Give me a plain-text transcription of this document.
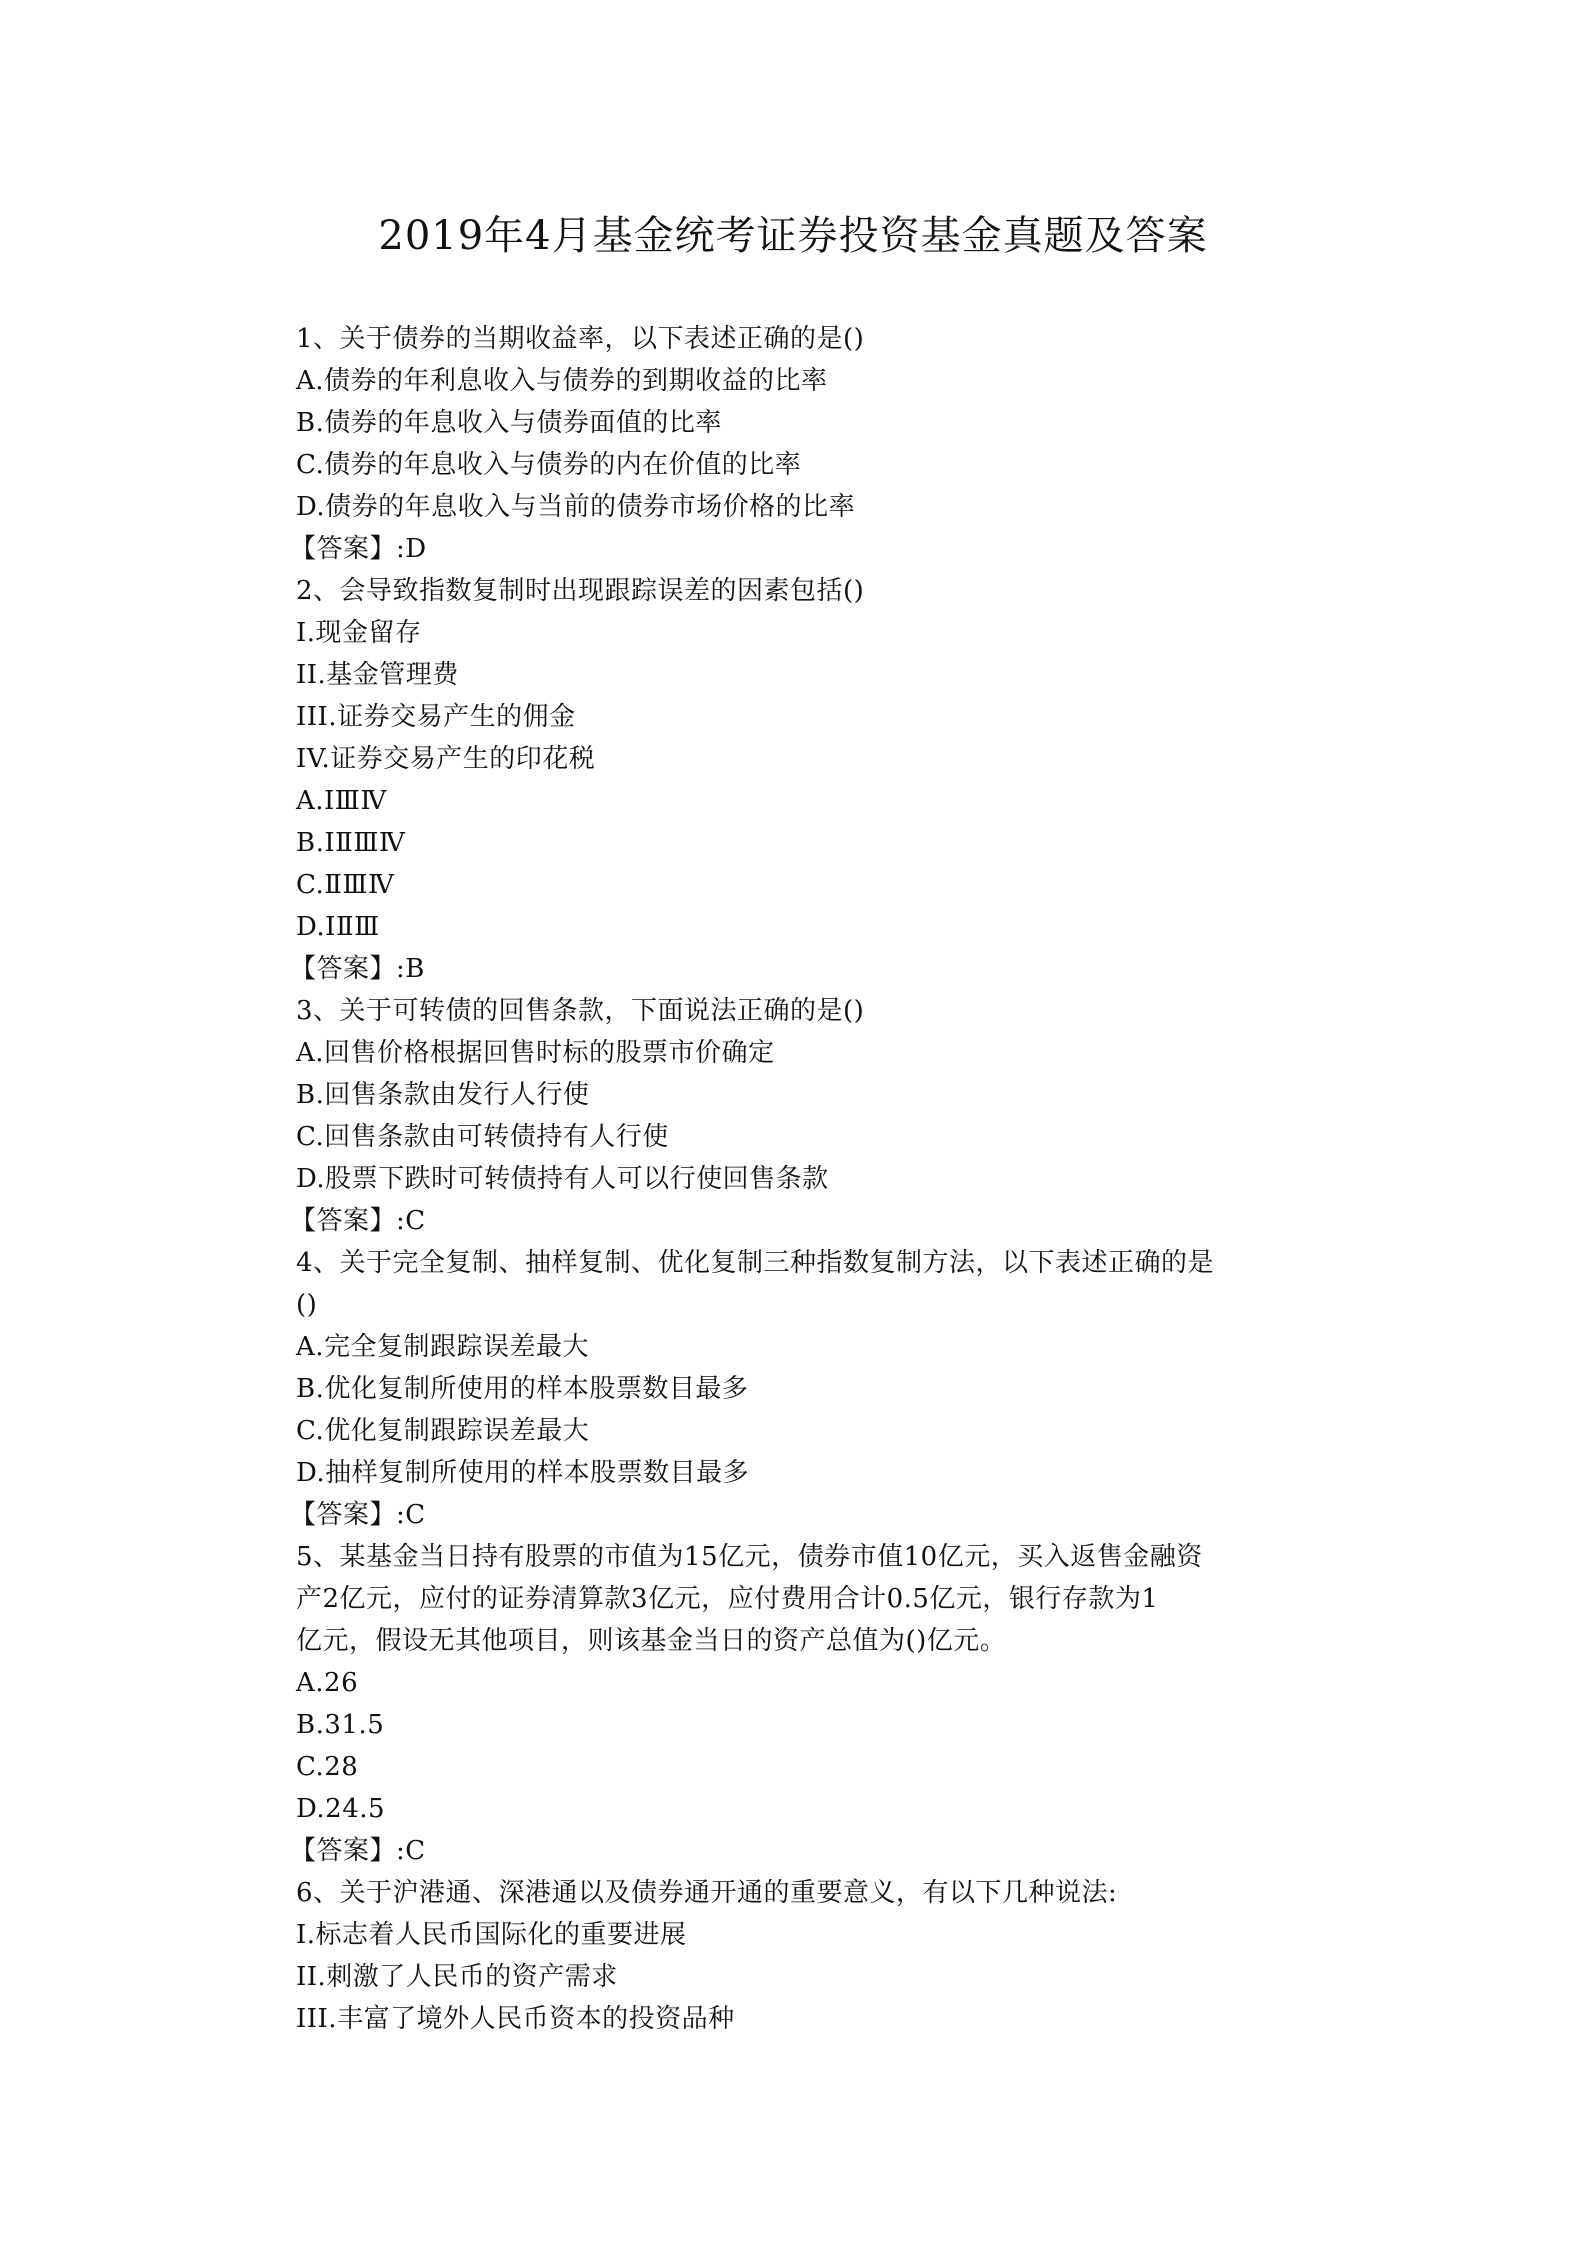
2019年4月基金统考证券投资基金真题及答案
1、关于债券的当期收益率，以下表述正确的是()
A.债券的年利息收入与债券的到期收益的比率
B.债券的年息收入与债券面值的比率
C.债券的年息收入与债券的内在价值的比率
D.债券的年息收入与当前的债券市场价格的比率
【答案】:D
2、会导致指数复制时出现跟踪误差的因素包括()
I.现金留存
II.基金管理费
III.证券交易产生的佣金
IV.证券交易产生的印花税
A.ⅠⅢⅣ
B.ⅠⅡⅢⅣ
C.ⅡⅢⅣ
D.ⅠⅡⅢ
【答案】:B
3、关于可转债的回售条款，下面说法正确的是()
A.回售价格根据回售时标的股票市价确定
B.回售条款由发行人行使
C.回售条款由可转债持有人行使
D.股票下跌时可转债持有人可以行使回售条款
【答案】:C
4、关于完全复制、抽样复制、优化复制三种指数复制方法，以下表述正确的是
()
A.完全复制跟踪误差最大
B.优化复制所使用的样本股票数目最多
C.优化复制跟踪误差最大
D.抽样复制所使用的样本股票数目最多
【答案】:C
5、某基金当日持有股票的市值为15亿元，债券市值10亿元，买入返售金融资
产2亿元，应付的证券清算款3亿元，应付费用合计0.5亿元，银行存款为1
亿元，假设无其他项目，则该基金当日的资产总值为()亿元。
A.26
B.31.5
C.28
D.24.5
【答案】:C
6、关于沪港通、深港通以及债券通开通的重要意义，有以下几种说法:
I.标志着人民币国际化的重要进展
II.刺激了人民币的资产需求
III.丰富了境外人民币资本的投资品种
